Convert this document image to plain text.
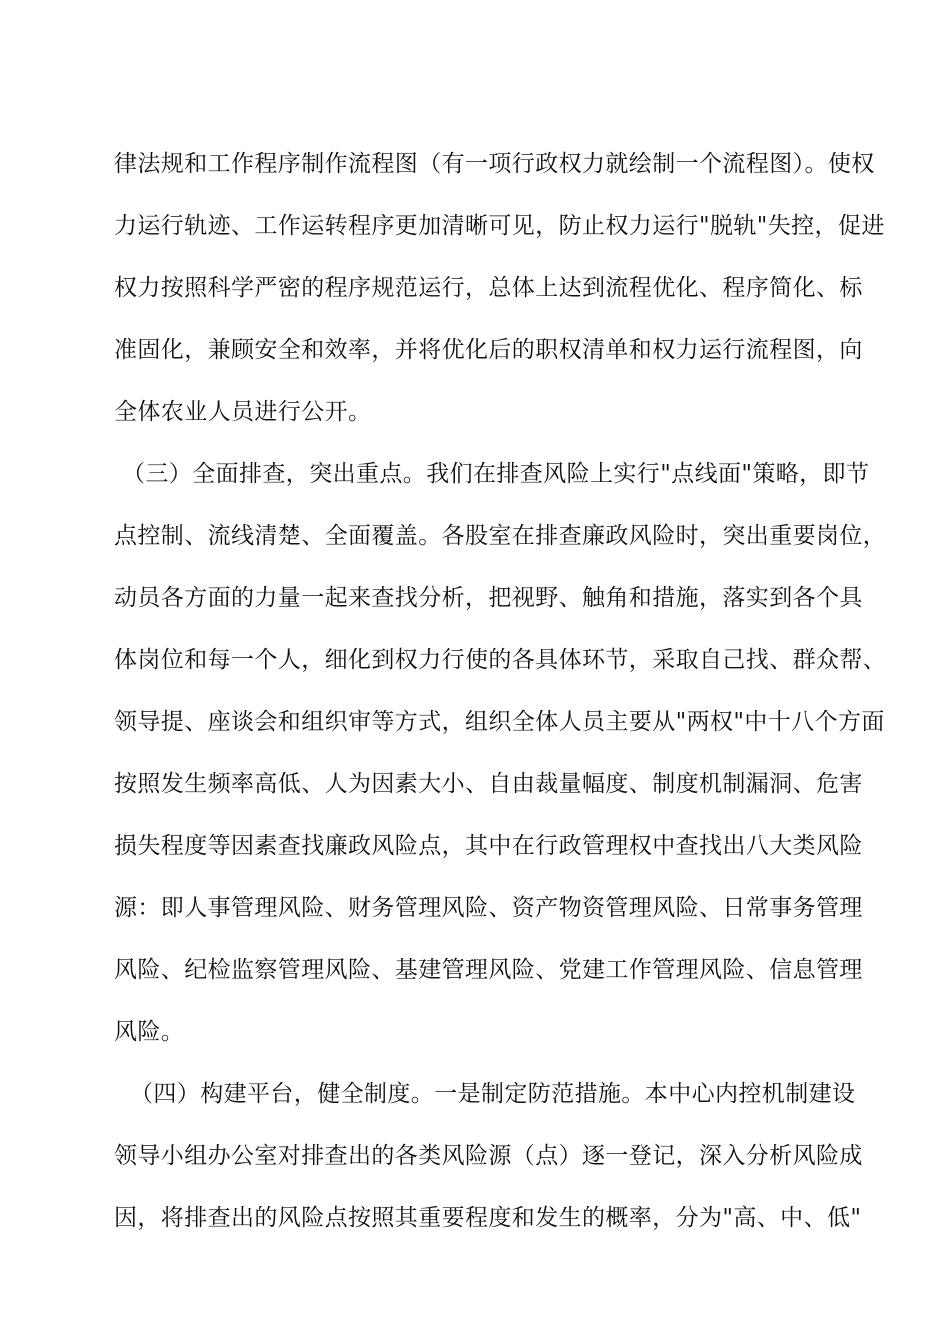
律法规和工作程序制作流程图（有一项行政权力就绘制一个流程图）。使权
力运行轨迹、工作运转程序更加清晰可见，防止权力运行"脱轨"失控，促进
权力按照科学严密的程序规范运行，总体上达到流程优化、程序简化、标
准固化，兼顾安全和效率，并将优化后的职权清单和权力运行流程图，向
全体农业人员进行公开。
（三）全面排查，突出重点。我们在排查风险上实行"点线面"策略，即节
点控制、流线清楚、全面覆盖。各股室在排查廉政风险时，突出重要岗位，
动员各方面的力量一起来查找分析，把视野、触角和措施，落实到各个具
体岗位和每一个人，细化到权力行使的各具体环节，采取自己找、群众帮、
领导提、座谈会和组织审等方式，组织全体人员主要从"两权"中十八个方面
按照发生频率高低、人为因素大小、自由裁量幅度、制度机制漏洞、危害
损失程度等因素查找廉政风险点，其中在行政管理权中查找出八大类风险
源：即人事管理风险、财务管理风险、资产物资管理风险、日常事务管理
风险、纪检监察管理风险、基建管理风险、党建工作管理风险、信息管理
风险。
（四）构建平台，健全制度。一是制定防范措施。本中心内控机制建设
领导小组办公室对排查出的各类风险源（点）逐一登记，深入分析风险成
因，将排查出的风险点按照其重要程度和发生的概率，分为"高、中、低"
